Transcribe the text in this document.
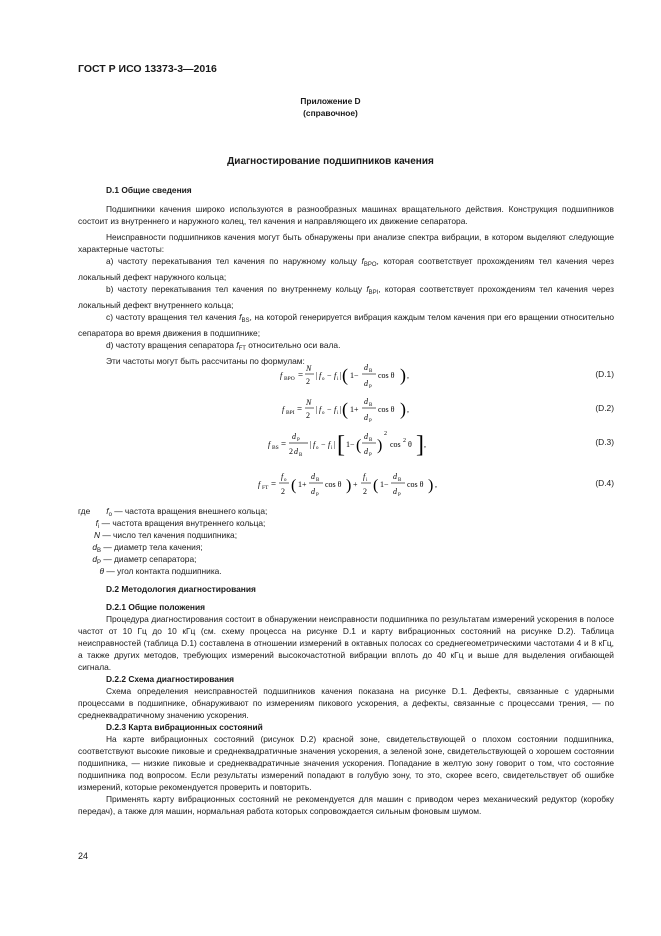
ГОСТ Р ИСО 13373-3—2016
Приложение D
(справочное)
Диагностирование подшипников качения
D.1 Общие сведения

Подшипники качения широко используются в разнообразных машинах вращательного действия. Конструкция подшипников состоит из внутреннего и наружного колец, тел качения и направляющего их движение сепаратора.

Неисправности подшипников качения могут быть обнаружены при анализе спектра вибрации, в котором выделяют следующие характерные частоты:

a) частоту перекатывания тел качения по наружному кольцу $f_{BPO}$, которая соответствует прохождениям тел качения через локальный дефект наружного кольца;

b) частоту перекатывания тел качения по внутреннему кольцу $f_{BPI}$, которая соответствует прохождениям тел качения через локальный дефект внутреннего кольца;

c) частоту вращения тел качения $f_{BS}$, на которой генерируется вибрация каждым телом качения при его вращении относительно сепаратора во время движения в подшипнике;

d) частоту вращения сепаратора $f_{FT}$ относительно оси вала.

Эти частоты могут быть рассчитаны по формулам:

f BPO =
N
2
| f o − f i | ( 1−
d B
d P
cos θ ) ,	(D.1)
f BPI =
N
2
| f o − f i | ( 1+
d B
d P
cos θ ) ,	(D.2)
f BS =
d P
2 d B
| f o − f i | [ 1− (
d B
d P
)
2
cos 2 θ ] ,	(D.3)
f FT =
f o
2 ( 1+
d B
d P
cos θ ) +
f i
2 ( 1−
d B
d P
cos θ ) ,	(D.4)
где $f_o$ — частота вращения внешнего кольца;
$f_i$ — частота вращения внутреннего кольца;
N — число тел качения подшипника;
$d_B$ — диаметр тела качения;
$d_P$ — диаметр сепаратора;
θ — угол контакта подшипника.
D.2 Методология диагностирования
D.2.1 Общие положения
Процедура диагностирования состоит в обнаружении неисправности подшипника по результатам измерений ускорения в полосе частот от 10 Гц до 10 кГц (см. схему процесса на рисунке D.1 и карту вибрационных состояний на рисунке D.2). Таблица неисправностей (таблица D.1) составлена в отношении измерений в октавных полосах со среднегеометрическими частотами 4 и 8 кГц, а также других методов, требующих измерений высокочастотной вибрации вплоть до 40 кГц и выше для выделения огибающей сигнала.
D.2.2 Схема диагностирования
Схема определения неисправностей подшипников качения показана на рисунке D.1. Дефекты, связанные с ударными процессами в подшипнике, обнаруживают по измерениям пикового ускорения, а дефекты, связанные с процессами трения, — по среднеквадратичному значению ускорения.
D.2.3 Карта вибрационных состояний

На карте вибрационных состояний (рисунок D.2) красной зоне, свидетельствующей о плохом состоянии подшипника, соответствуют высокие пиковые и среднеквадратичные значения ускорения, а зеленой зоне, свидетельствующей о хорошем состоянии подшипника, — низкие пиковые и среднеквадратичные значения ускорения. Попадание в желтую зону говорит о том, что состояние подшипника под вопросом. Если результаты измерений попадают в голубую зону, то это, скорее всего, свидетельствует об ошибке измерений, которые рекомендуется проверить и повторить.

Применять карту вибрационных состояний не рекомендуется для машин с приводом через механический редуктор (коробку передач), а также для машин, нормальная работа которых сопровождается сильным фоновым шумом.

24
